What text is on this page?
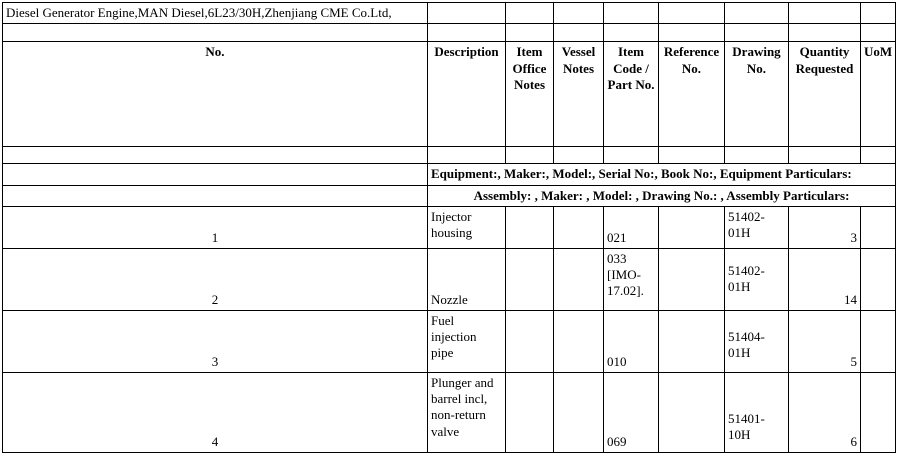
Diesel Generator Engine,MAN Diesel,6L23/30H,Zhenjiang CME Co.Ltd,								

No.	Description	Item Office Notes	Vessel Notes	Item Code / Part No.	Reference No.	Drawing No.	Quantity Requested	UoM

	Equipment:, Maker:, Model:, Serial No:, Book No:, Equipment Particulars:							
	Assembly: , Maker: , Model: , Drawing No.: , Assembly Particulars:							
1	Injector housing			021		51402-01H	3	
2	Nozzle			033 [IMO-17.02].		51402-01H	14	
3	Fuel injection pipe			010		51404-01H	5	
4	Plunger and barrel incl, non-return valve			069		51401-10H	6	
